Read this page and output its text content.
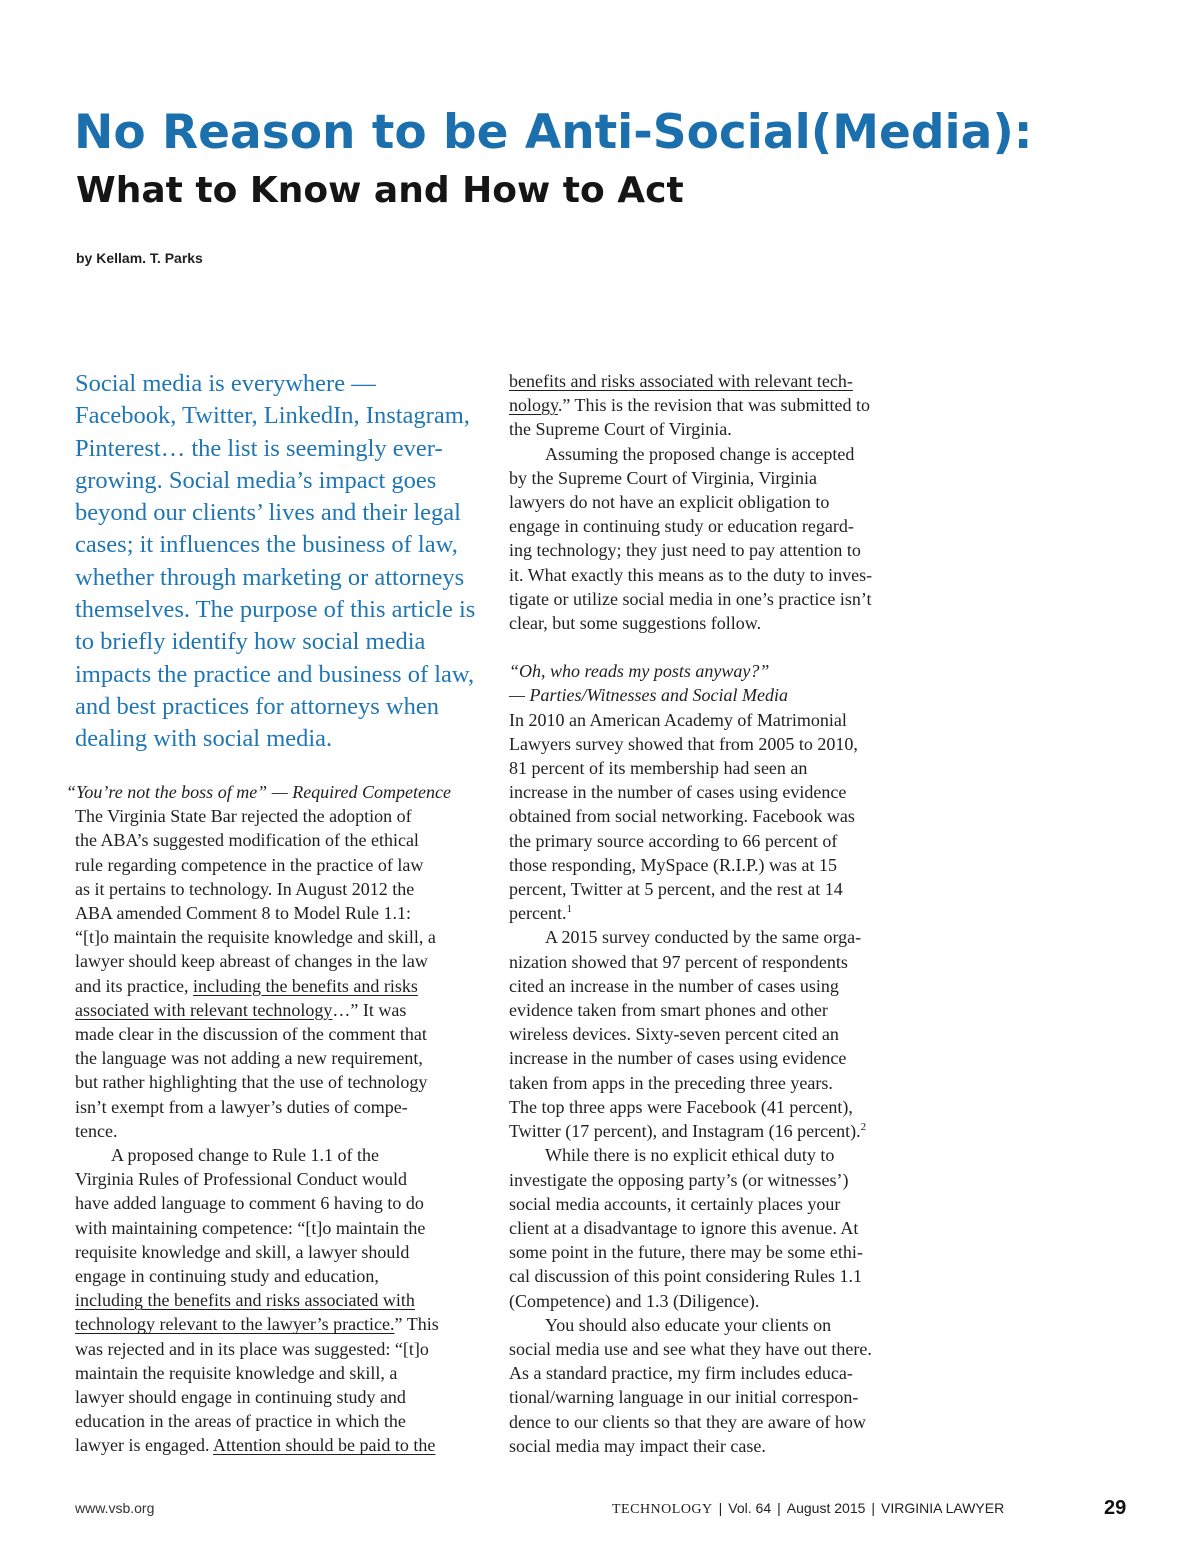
No Reason to be Anti-Social(Media):
What to Know and How to Act
by Kellam. T. Parks
Social media is everywhere —
Facebook, Twitter, LinkedIn, Instagram,
Pinterest… the list is seemingly ever-
growing. Social media’s impact goes
beyond our clients’ lives and their legal
cases; it influences the business of law,
whether through marketing or attorneys
themselves. The purpose of this article is
to briefly identify how social media
impacts the practice and business of law,
and best practices for attorneys when
dealing with social media.
“You’re not the boss of me” — Required Competence
The Virginia State Bar rejected the adoption of
the ABA’s suggested modification of the ethical
rule regarding competence in the practice of law
as it pertains to technology. In August 2012 the
ABA amended Comment 8 to Model Rule 1.1:
“[t]o maintain the requisite knowledge and skill, a
lawyer should keep abreast of changes in the law
and its practice, including the benefits and risks
associated with relevant technology…” It was
made clear in the discussion of the comment that
the language was not adding a new requirement,
but rather highlighting that the use of technology
isn’t exempt from a lawyer’s duties of compe-
tence.
A proposed change to Rule 1.1 of the
Virginia Rules of Professional Conduct would
have added language to comment 6 having to do
with maintaining competence: “[t]o maintain the
requisite knowledge and skill, a lawyer should
engage in continuing study and education,
including the benefits and risks associated with
technology relevant to the lawyer’s practice.” This
was rejected and in its place was suggested: “[t]o
maintain the requisite knowledge and skill, a
lawyer should engage in continuing study and
education in the areas of practice in which the
lawyer is engaged. Attention should be paid to the
benefits and risks associated with relevant tech-
nology.” This is the revision that was submitted to
the Supreme Court of Virginia.
Assuming the proposed change is accepted
by the Supreme Court of Virginia, Virginia
lawyers do not have an explicit obligation to
engage in continuing study or education regard-
ing technology; they just need to pay attention to
it. What exactly this means as to the duty to inves-
tigate or utilize social media in one’s practice isn’t
clear, but some suggestions follow.
“Oh, who reads my posts anyway?”
— Parties/Witnesses and Social Media
In 2010 an American Academy of Matrimonial
Lawyers survey showed that from 2005 to 2010,
81 percent of its membership had seen an
increase in the number of cases using evidence
obtained from social networking. Facebook was
the primary source according to 66 percent of
those responding, MySpace (R.I.P.) was at 15
percent, Twitter at 5 percent, and the rest at 14
percent.$^1$
A 2015 survey conducted by the same orga-
nization showed that 97 percent of respondents
cited an increase in the number of cases using
evidence taken from smart phones and other
wireless devices. Sixty-seven percent cited an
increase in the number of cases using evidence
taken from apps in the preceding three years.
The top three apps were Facebook (41 percent),
Twitter (17 percent), and Instagram (16 percent).$^2$
While there is no explicit ethical duty to
investigate the opposing party’s (or witnesses’)
social media accounts, it certainly places your
client at a disadvantage to ignore this avenue. At
some point in the future, there may be some ethi-
cal discussion of this point considering Rules 1.1
(Competence) and 1.3 (Diligence).
You should also educate your clients on
social media use and see what they have out there.
As a standard practice, my firm includes educa-
tional/warning language in our initial correspon-
dence to our clients so that they are aware of how
social media may impact their case.
www.vsb.org	TECHNOLOGY | Vol. 64 | August 2015 | VIRGINIA LAWYER	29
